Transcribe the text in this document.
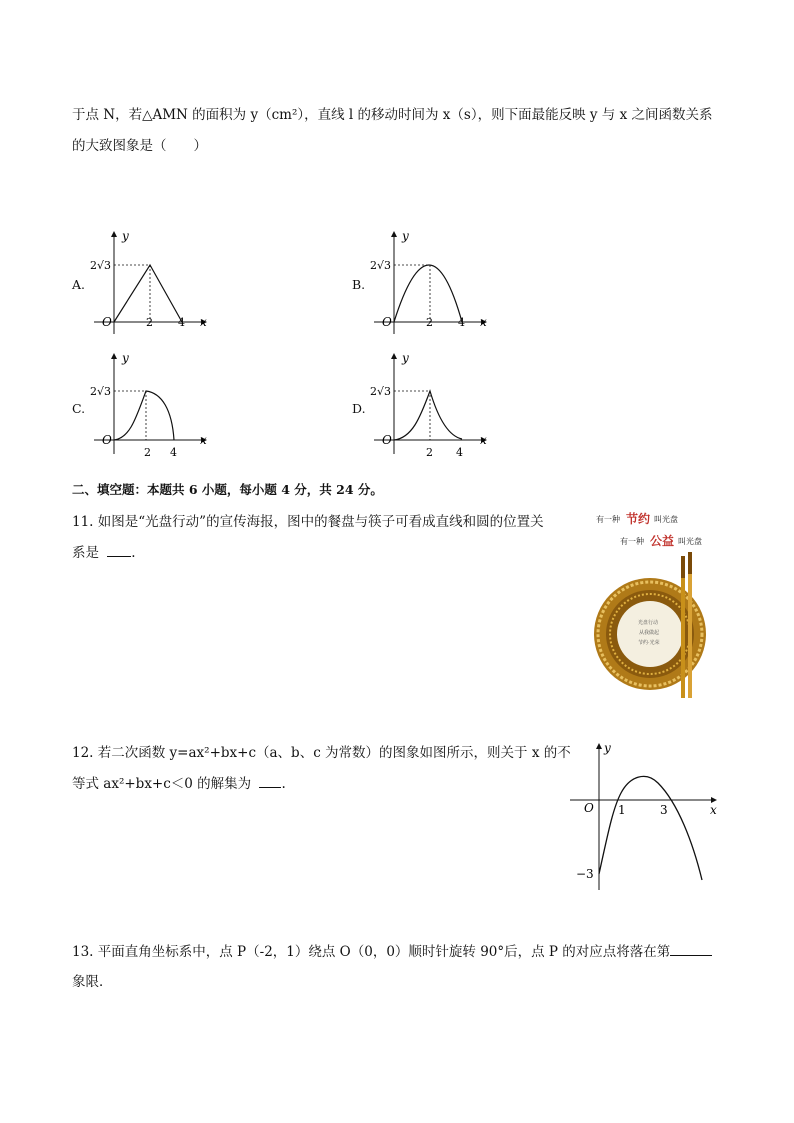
于点 N，若△AMN 的面积为 y（cm²），直线 l 的移动时间为 x（s），则下面最能反映 y 与 x 之间函数关系
的大致图象是（　　）
A.
y
x
O
2√3
2 4
B.
y
x
O
2√3
2 4
C.
y
x
O
2√3
2 4
D.
y
x
O
2√3
2 4
二、填空题：本题共 6 小题，每小题 4 分，共 24 分。
11. 如图是“光盘行动”的宣传海报，图中的餐盘与筷子可看成直线和圆的位置关
系是 .
有一种 节约 叫光盘
有一种 公益 叫光盘
光盘行动
从我做起
节约·光荣
12. 若二次函数 y=ax²+bx+c（a、b、c 为常数）的图象如图所示，则关于 x 的不
等式 ax²+bx+c＜0 的解集为 .
y
x
O 1	3
−3
13. 平面直角坐标系中，点 P（-2，1）绕点 O（0，0）顺时针旋转 90°后，点 P 的对应点将落在第
象限．
